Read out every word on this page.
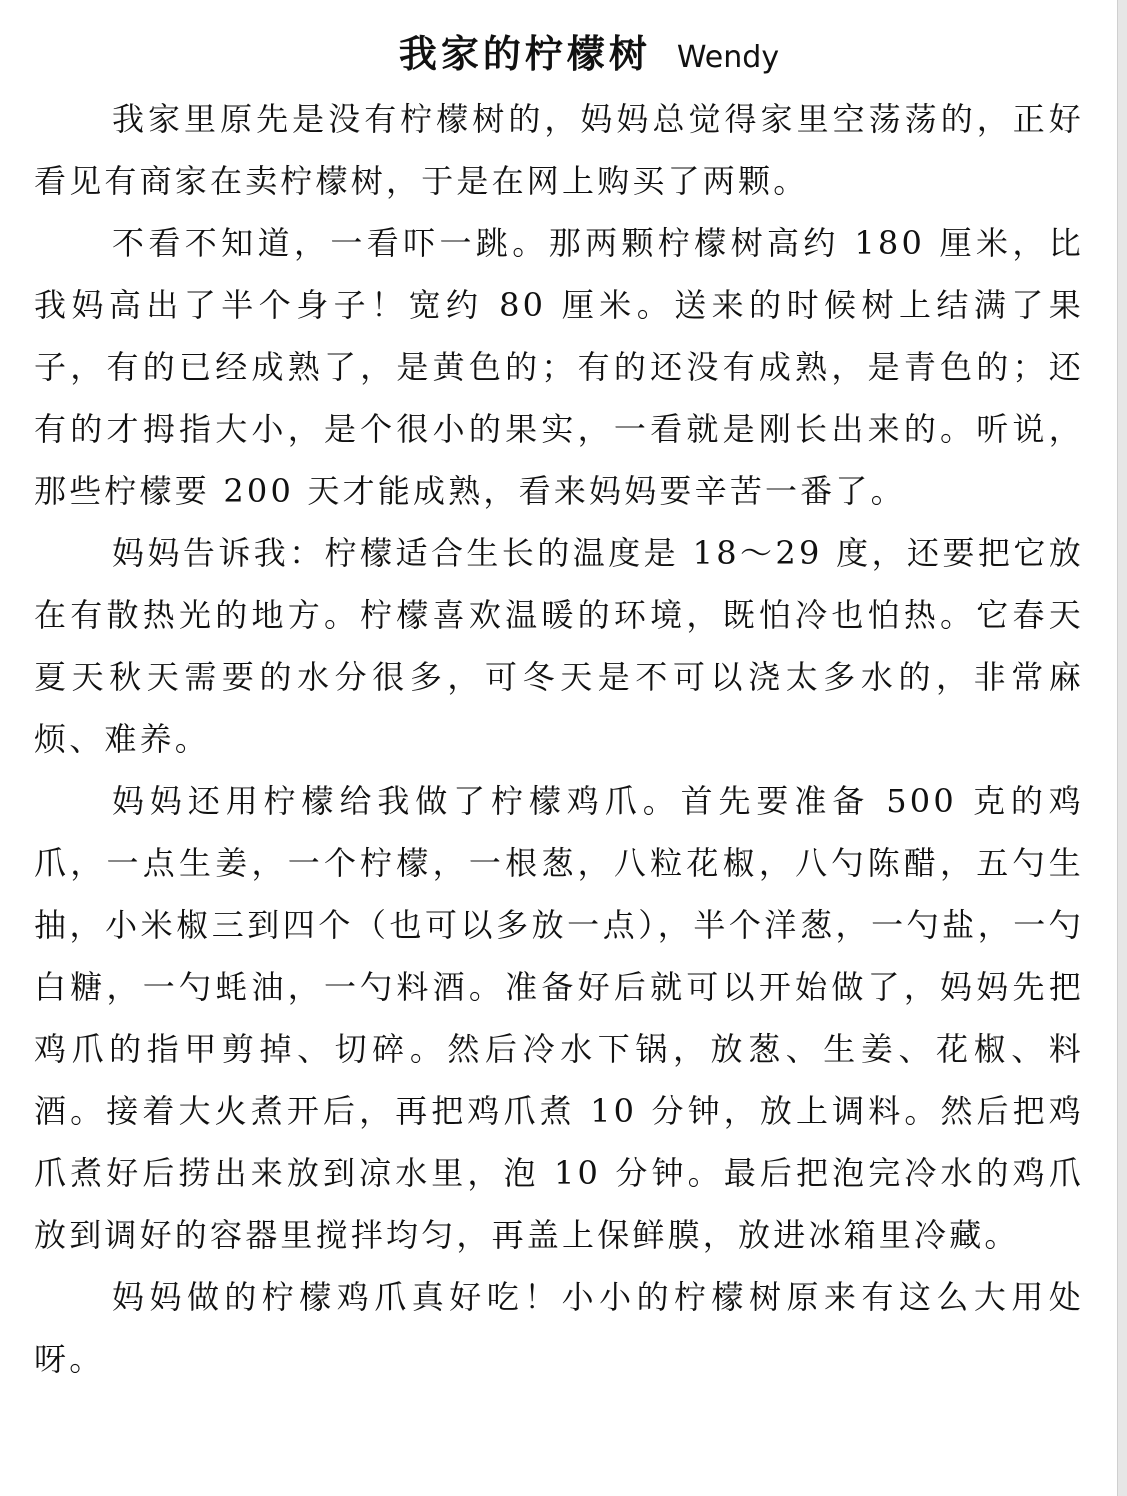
我家的柠檬树 Wendy

我家里原先是没有柠檬树的，妈妈总觉得家里空荡荡的，正好看见有商家在卖柠檬树，于是在网上购买了两颗。

不看不知道，一看吓一跳。那两颗柠檬树高约 180 厘米，比我妈高出了半个身子！宽约 80 厘米。送来的时候树上结满了果子，有的已经成熟了，是黄色的；有的还没有成熟，是青色的；还有的才拇指大小，是个很小的果实，一看就是刚长出来的。听说，那些柠檬要 200 天才能成熟，看来妈妈要辛苦一番了。

妈妈告诉我：柠檬适合生长的温度是 18～29 度，还要把它放在有散热光的地方。柠檬喜欢温暖的环境，既怕冷也怕热。它春天夏天秋天需要的水分很多，可冬天是不可以浇太多水的，非常麻烦、难养。

妈妈还用柠檬给我做了柠檬鸡爪。首先要准备 500 克的鸡爪，一点生姜，一个柠檬，一根葱，八粒花椒，八勺陈醋，五勺生抽，小米椒三到四个（也可以多放一点），半个洋葱，一勺盐，一勺白糖，一勺蚝油，一勺料酒。准备好后就可以开始做了，妈妈先把鸡爪的指甲剪掉、切碎。然后冷水下锅，放葱、生姜、花椒、料酒。接着大火煮开后，再把鸡爪煮 10 分钟，放上调料。然后把鸡爪煮好后捞出来放到凉水里，泡 10 分钟。最后把泡完冷水的鸡爪放到调好的容器里搅拌均匀，再盖上保鲜膜，放进冰箱里冷藏。

妈妈做的柠檬鸡爪真好吃！小小的柠檬树原来有这么大用处呀。
